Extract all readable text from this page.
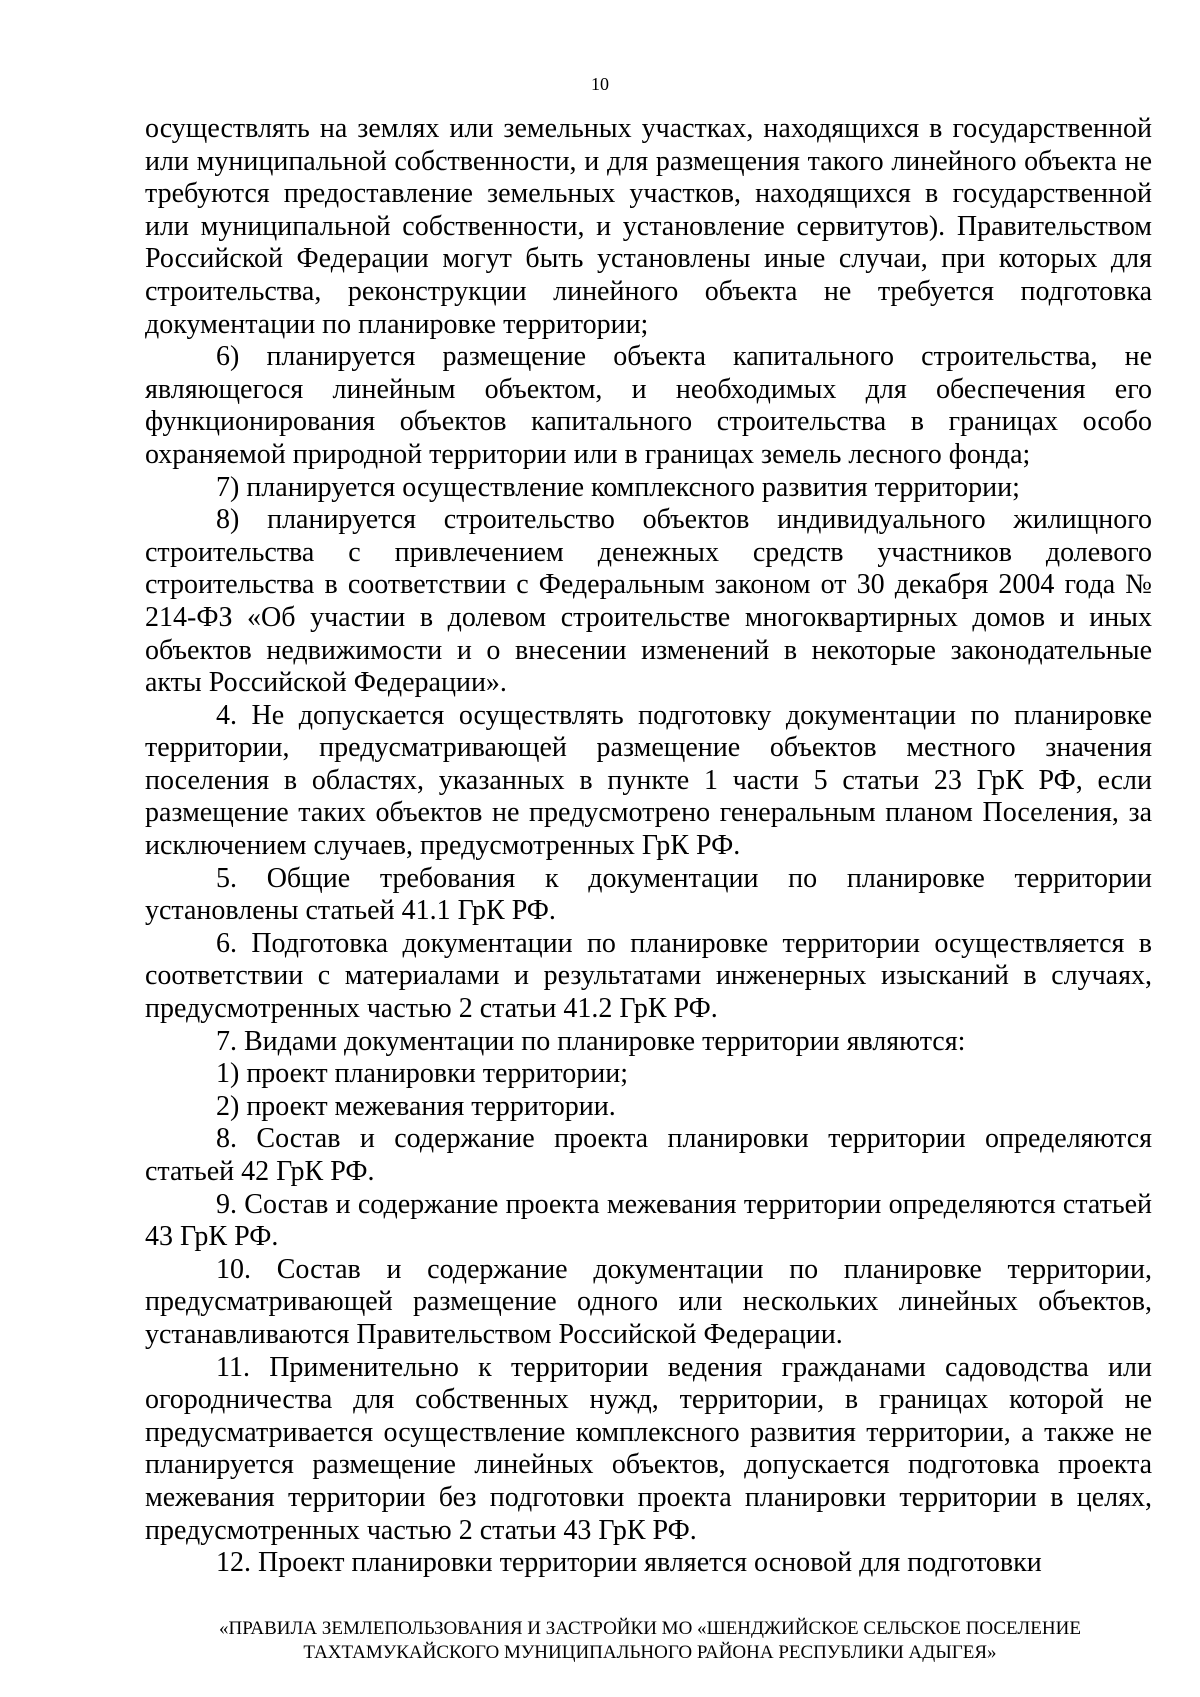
10

осуществлять на землях или земельных участках, находящихся в государственной или муниципальной собственности, и для размещения такого линейного объекта не требуются предоставление земельных участков, находящихся в государственной или муниципальной собственности, и установление сервитутов). Правительством Российской Федерации могут быть установлены иные случаи, при которых для строительства, реконструкции линейного объекта не требуется подготовка документации по планировке территории;

6) планируется размещение объекта капитального строительства, не являющегося линейным объектом, и необходимых для обеспечения его функционирования объектов капитального строительства в границах особо охраняемой природной территории или в границах земель лесного фонда;

7) планируется осуществление комплексного развития территории;

8) планируется строительство объектов индивидуального жилищного строительства с привлечением денежных средств участников долевого строительства в соответствии с Федеральным законом от 30 декабря 2004 года № 214-ФЗ «Об участии в долевом строительстве многоквартирных домов и иных объектов недвижимости и о внесении изменений в некоторые законодательные акты Российской Федерации».

4. Не допускается осуществлять подготовку документации по планировке территории, предусматривающей размещение объектов местного значения поселения в областях, указанных в пункте 1 части 5 статьи 23 ГрК РФ, если размещение таких объектов не предусмотрено генеральным планом Поселения, за исключением случаев, предусмотренных ГрК РФ.

5. Общие требования к документации по планировке территории установлены статьей 41.1 ГрК РФ.

6. Подготовка документации по планировке территории осуществляется в соответствии с материалами и результатами инженерных изысканий в случаях, предусмотренных частью 2 статьи 41.2 ГрК РФ.

7. Видами документации по планировке территории являются:

1) проект планировки территории;

2) проект межевания территории.

8. Состав и содержание проекта планировки территории определяются статьей 42 ГрК РФ.

9. Состав и содержание проекта межевания территории определяются статьей 43 ГрК РФ.

10. Состав и содержание документации по планировке территории, предусматривающей размещение одного или нескольких линейных объектов, устанавливаются Правительством Российской Федерации.

11. Применительно к территории ведения гражданами садоводства или огородничества для собственных нужд, территории, в границах которой не предусматривается осуществление комплексного развития территории, а также не планируется размещение линейных объектов, допускается подготовка проекта межевания территории без подготовки проекта планировки территории в целях, предусмотренных частью 2 статьи 43 ГрК РФ.

12. Проект планировки территории является основой для подготовки

«ПРАВИЛА ЗЕМЛЕПОЛЬЗОВАНИЯ И ЗАСТРОЙКИ МО «ШЕНДЖИЙСКОЕ СЕЛЬСКОЕ ПОСЕЛЕНИЕ
ТАХТАМУКАЙСКОГО МУНИЦИПАЛЬНОГО РАЙОНА РЕСПУБЛИКИ АДЫГЕЯ»
